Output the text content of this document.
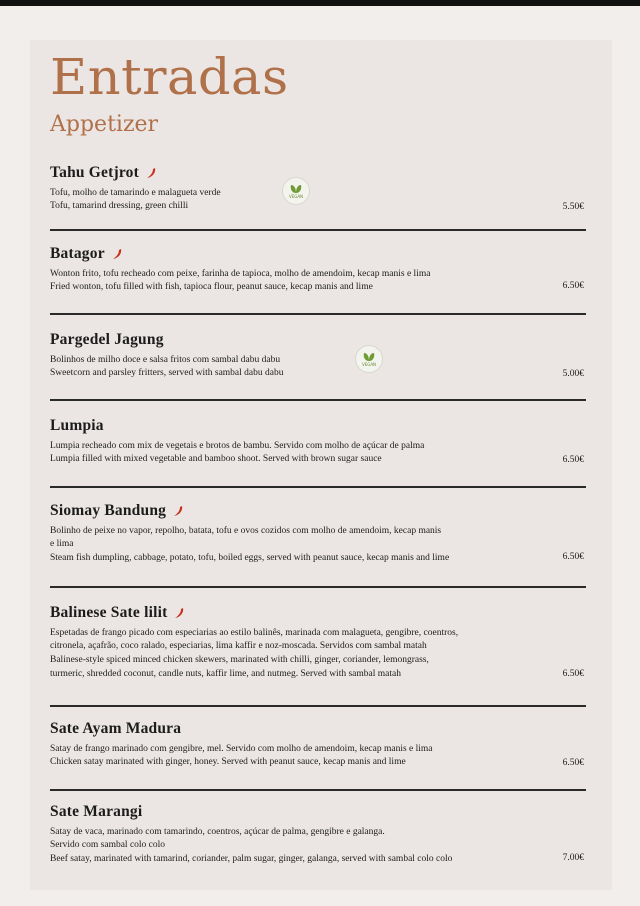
Entradas
Appetizer
Tahu Getjrot
Tofu, molho de tamarindo e malagueta verde
Tofu, tamarind dressing, green chilli	5.50€
VEGAN
Batagor
Wonton frito, tofu recheado com peixe, farinha de tapioca, molho de amendoim, kecap manis e lima
Fried wonton, tofu filled with fish, tapioca flour, peanut sauce, kecap manis and lime	6.50€
Pargedel Jagung
Bolinhos de milho doce e salsa fritos com sambal dabu dabu
Sweetcorn and parsley fritters, served with sambal dabu dabu	5.00€
VEGAN
Lumpia
Lumpia recheado com mix de vegetais e brotos de bambu. Servido com molho de açúcar de palma
Lumpia filled with mixed vegetable and bamboo shoot. Served with brown sugar sauce	6.50€
Siomay Bandung
Bolinho de peixe no vapor, repolho, batata, tofu e ovos cozidos com molho de amendoim, kecap manis
e lima
Steam fish dumpling, cabbage, potato, tofu, boiled eggs, served with peanut sauce, kecap manis and lime	6.50€
Balinese Sate lilit
Espetadas de frango picado com especiarias ao estilo balinês, marinada com malagueta, gengibre, coentros,
citronela, açafrão, coco ralado, especiarias, lima kaffir e noz-moscada. Servidos com sambal matah
Balinese-style spiced minced chicken skewers, marinated with chilli, ginger, coriander, lemongrass,
turmeric, shredded coconut, candle nuts, kaffir lime, and nutmeg. Served with sambal matah	6.50€
Sate Ayam Madura
Satay de frango marinado com gengibre, mel. Servido com molho de amendoim, kecap manis e lima
Chicken satay marinated with ginger, honey. Served with peanut sauce, kecap manis and lime	6.50€
Sate Marangi
Satay de vaca, marinado com tamarindo, coentros, açúcar de palma, gengibre e galanga.
Servido com sambal colo colo
Beef satay, marinated with tamarind, coriander, palm sugar, ginger, galanga, served with sambal colo colo	7.00€
